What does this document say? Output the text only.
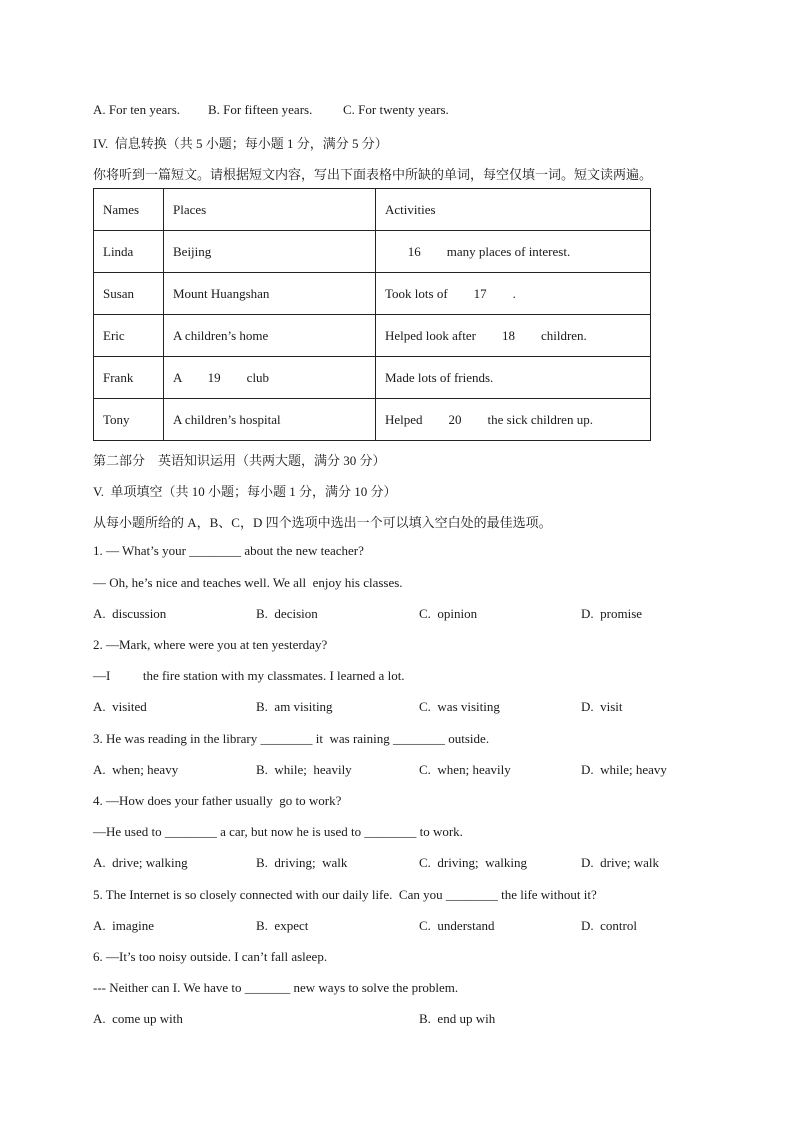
A. For ten years. B. For fifteen years. C. For twenty years.
IV.  信息转换（共 5 小题；每小题 1 分，满分 5 分）
你将听到一篇短文。请根据短文内容，写出下面表格中所缺的单词，每空仅填一词。短文读两遍。
Names	Places	Activities
Linda	Beijing	16        many places of interest.
Susan	Mount Huangshan	Took lots of        17        .
Eric	A children’s home	Helped look after        18        children.
Frank	A        19        club	Made lots of friends.
Tony	A children’s hospital	Helped        20        the sick children up.
第二部分    英语知识运用（共两大题，满分 30 分）
V.  单项填空（共 10 小题；每小题 1 分，满分 10 分）
从每小题所给的 A，B、C，D 四个选项中选出一个可以填入空白处的最佳选项。
1. — What’s your ________ about the new teacher?
— Oh, he’s nice and teaches well. We all  enjoy his classes.
A.  discussion	B.  decision	C.  opinion	D.  promise
2. —Mark, where were you at ten yesterday?
—I          the fire station with my classmates. I learned a lot.
A.  visited	B.  am visiting	C.  was visiting	D.  visit
3. He was reading in the library ________ it  was raining ________ outside.
A.  when; heavy	B.  while;  heavily	C.  when; heavily	D.  while; heavy
4. —How does your father usually  go to work?
—He used to ________ a car, but now he is used to ________ to work.
A.  drive; walking	B.  driving;  walk	C.  driving;  walking	D.  drive; walk
5. The Internet is so closely connected with our daily life.  Can you ________ the life without it?
A.  imagine	B.  expect	C.  understand	D.  control
6. —It’s too noisy outside. I can’t fall asleep.
--- Neither can I. We have to _______ new ways to solve the problem.
A.  come up with	B.  end up wih
